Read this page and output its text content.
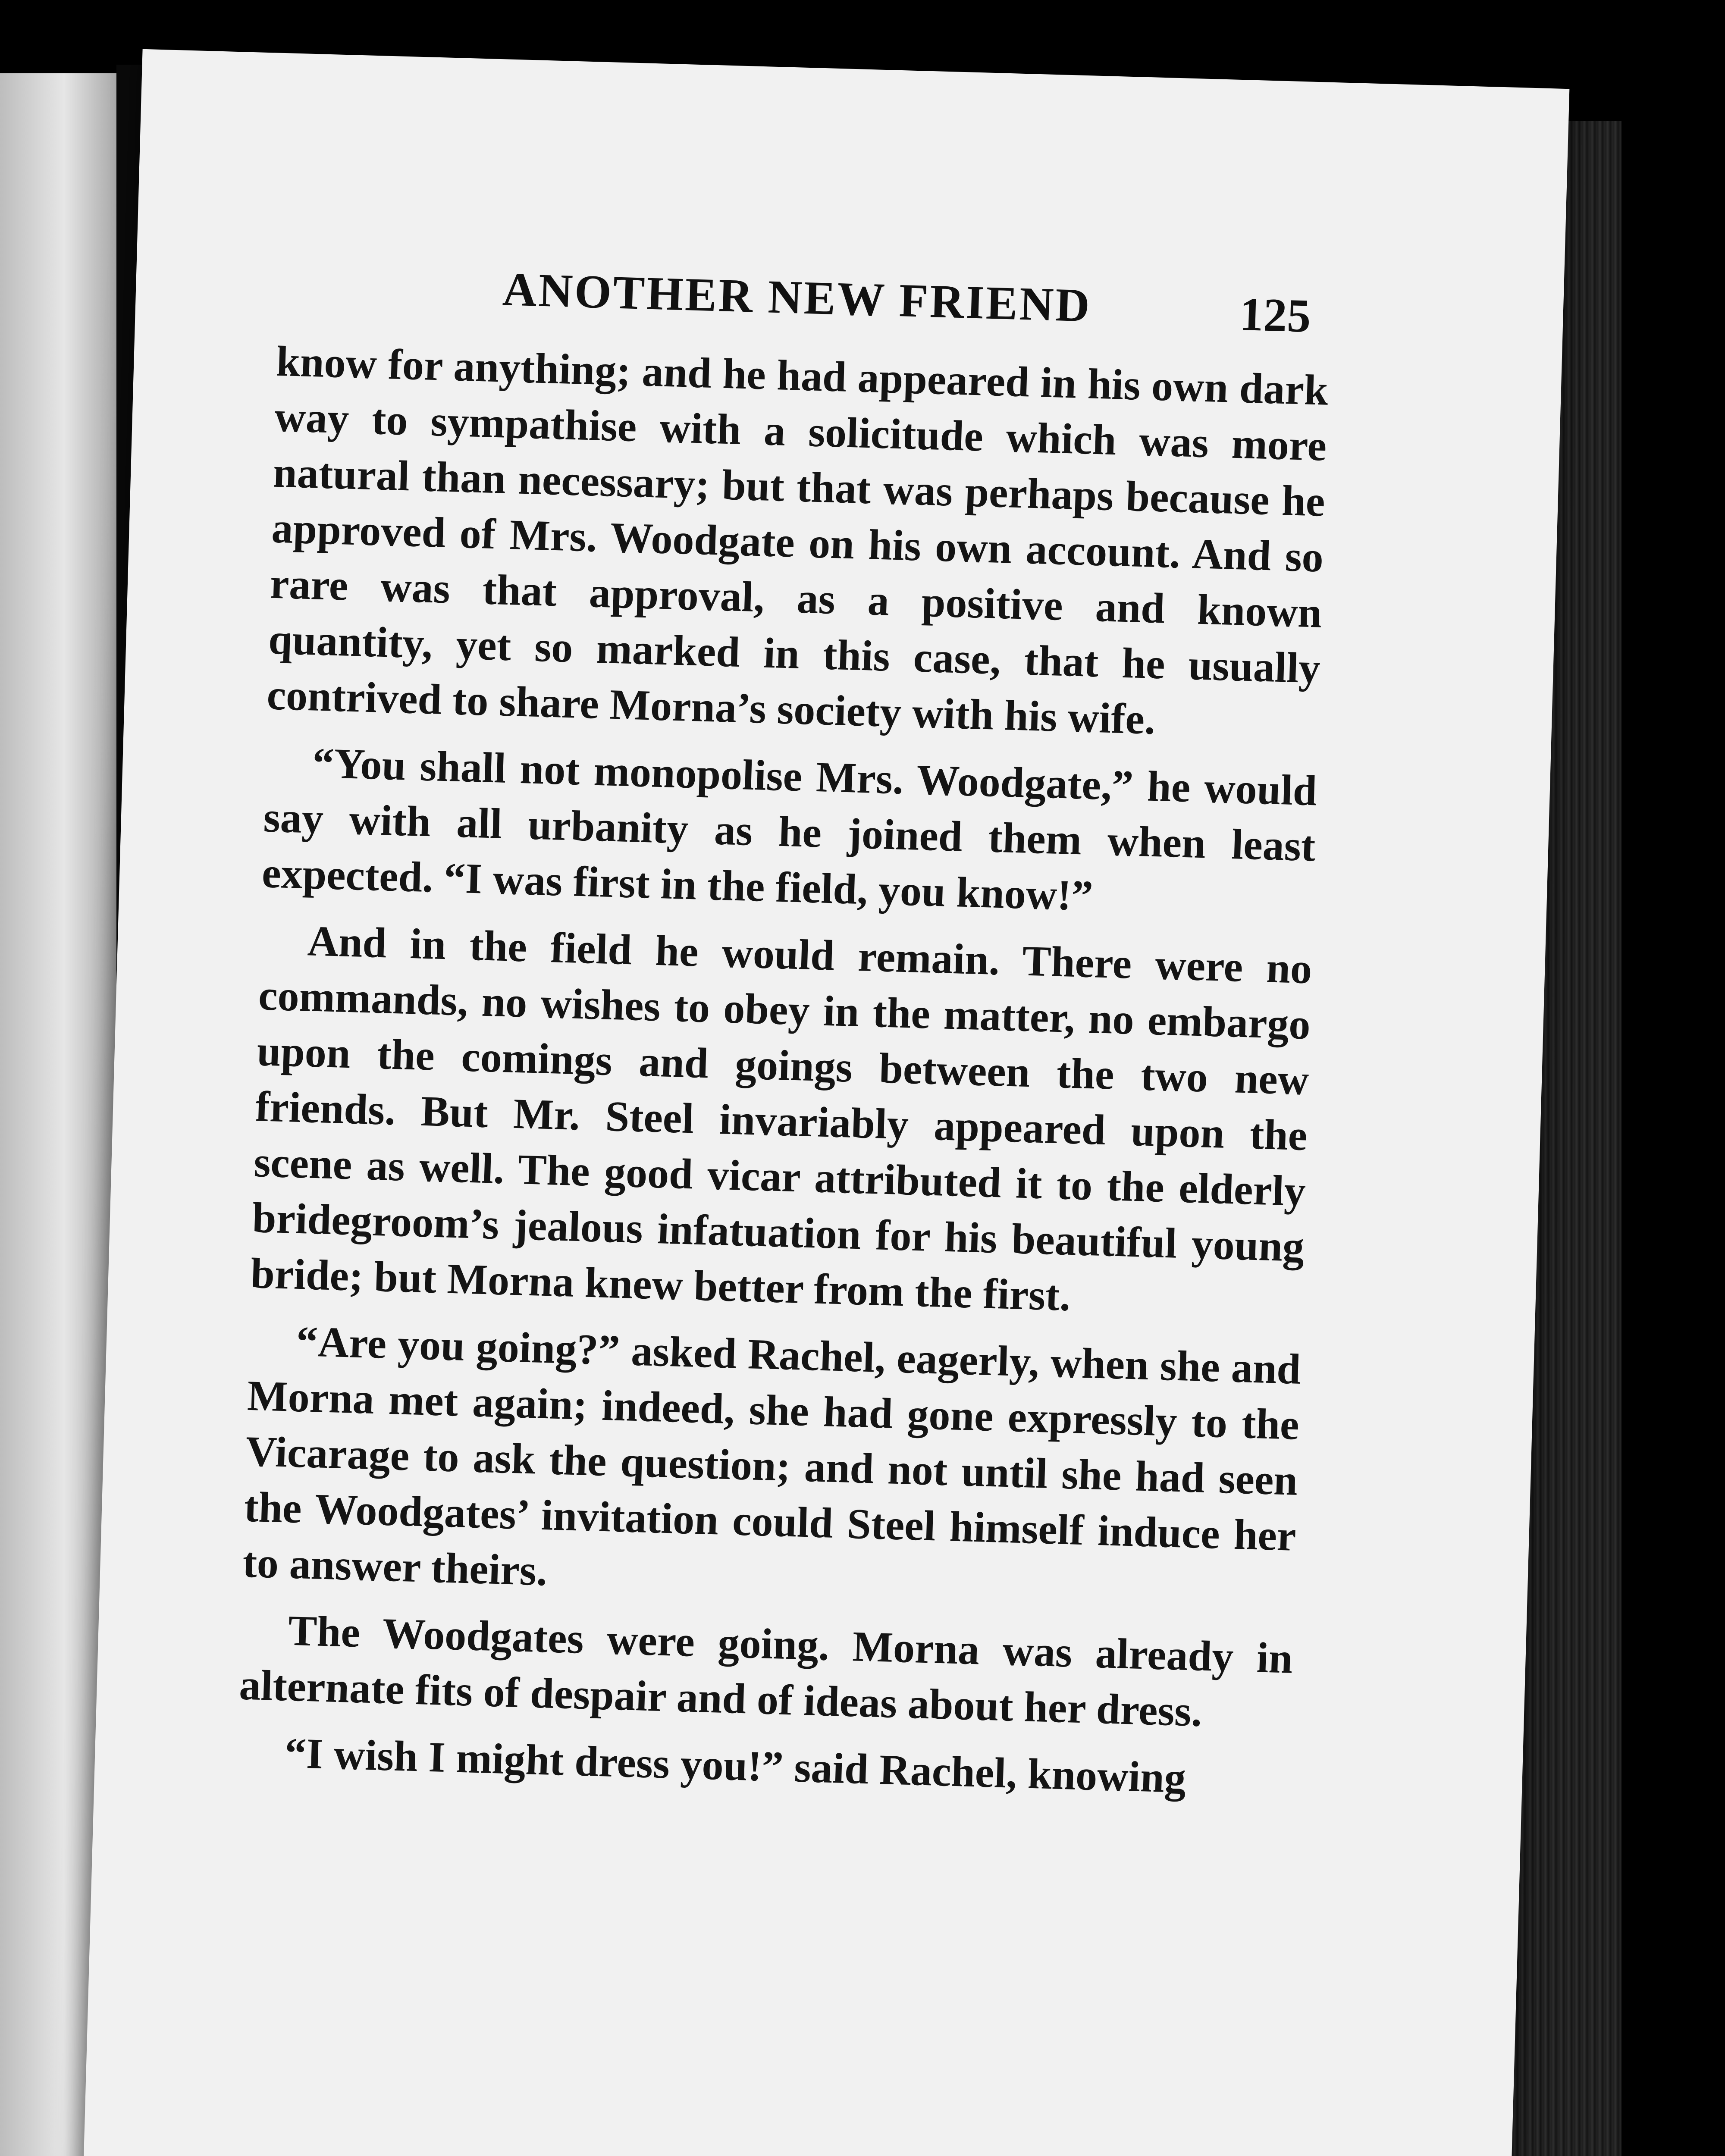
ANOTHER NEW FRIEND	125

know for anything; and he had appeared in his own dark way to sympathise with a solicitude which was more natural than necessary; but that was perhaps because he approved of Mrs. Woodgate on his own account. And so rare was that approval, as a positive and known quantity, yet so marked in this case, that he usually contrived to share Morna’s society with his wife.

“You shall not monopolise Mrs. Woodgate,” he would say with all urbanity as he joined them when least expected. “I was first in the field, you know!”

And in the field he would remain. There were no commands, no wishes to obey in the matter, no embargo upon the comings and goings between the two new friends. But Mr. Steel invariably appeared upon the scene as well. The good vicar attributed it to the elderly bridegroom’s jealous infatuation for his beautiful young bride; but Morna knew better from the first.

“Are you going?” asked Rachel, eagerly, when she and Morna met again; indeed, she had gone expressly to the Vicarage to ask the question; and not until she had seen the Woodgates’ invitation could Steel himself induce her to answer theirs.

The Woodgates were going. Morna was already in alternate fits of despair and of ideas about her dress.

“I wish I might dress you!” said Rachel, knowing
